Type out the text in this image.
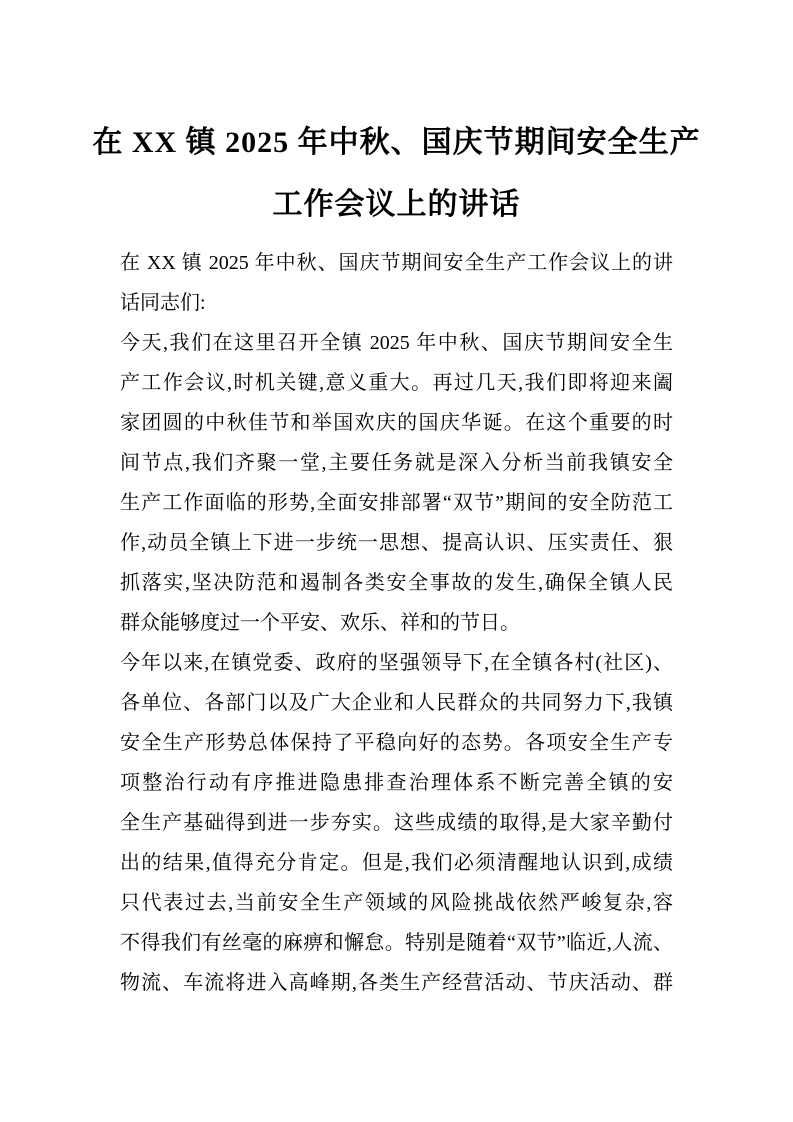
在 XX 镇 2025 年中秋、国庆节期间安全生产
工作会议上的讲话
在 XX 镇 2025 年中秋、国庆节期间安全生产工作会议上的讲
话同志们:
今天,我们在这里召开全镇 2025 年中秋、国庆节期间安全生
产工作会议,时机关键,意义重大。再过几天,我们即将迎来阖
家团圆的中秋佳节和举国欢庆的国庆华诞。在这个重要的时
间节点,我们齐聚一堂,主要任务就是深入分析当前我镇安全
生产工作面临的形势,全面安排部署“双节”期间的安全防范工
作,动员全镇上下进一步统一思想、提高认识、压实责任、狠
抓落实,坚决防范和遏制各类安全事故的发生,确保全镇人民
群众能够度过一个平安、欢乐、祥和的节日。
今年以来,在镇党委、政府的坚强领导下,在全镇各村(社区)、
各单位、各部门以及广大企业和人民群众的共同努力下,我镇
安全生产形势总体保持了平稳向好的态势。各项安全生产专
项整治行动有序推进隐患排查治理体系不断完善全镇的安
全生产基础得到进一步夯实。这些成绩的取得,是大家辛勤付
出的结果,值得充分肯定。但是,我们必须清醒地认识到,成绩
只代表过去,当前安全生产领域的风险挑战依然严峻复杂,容
不得我们有丝毫的麻痹和懈怠。特别是随着“双节”临近,人流、
物流、车流将进入高峰期,各类生产经营活动、节庆活动、群
